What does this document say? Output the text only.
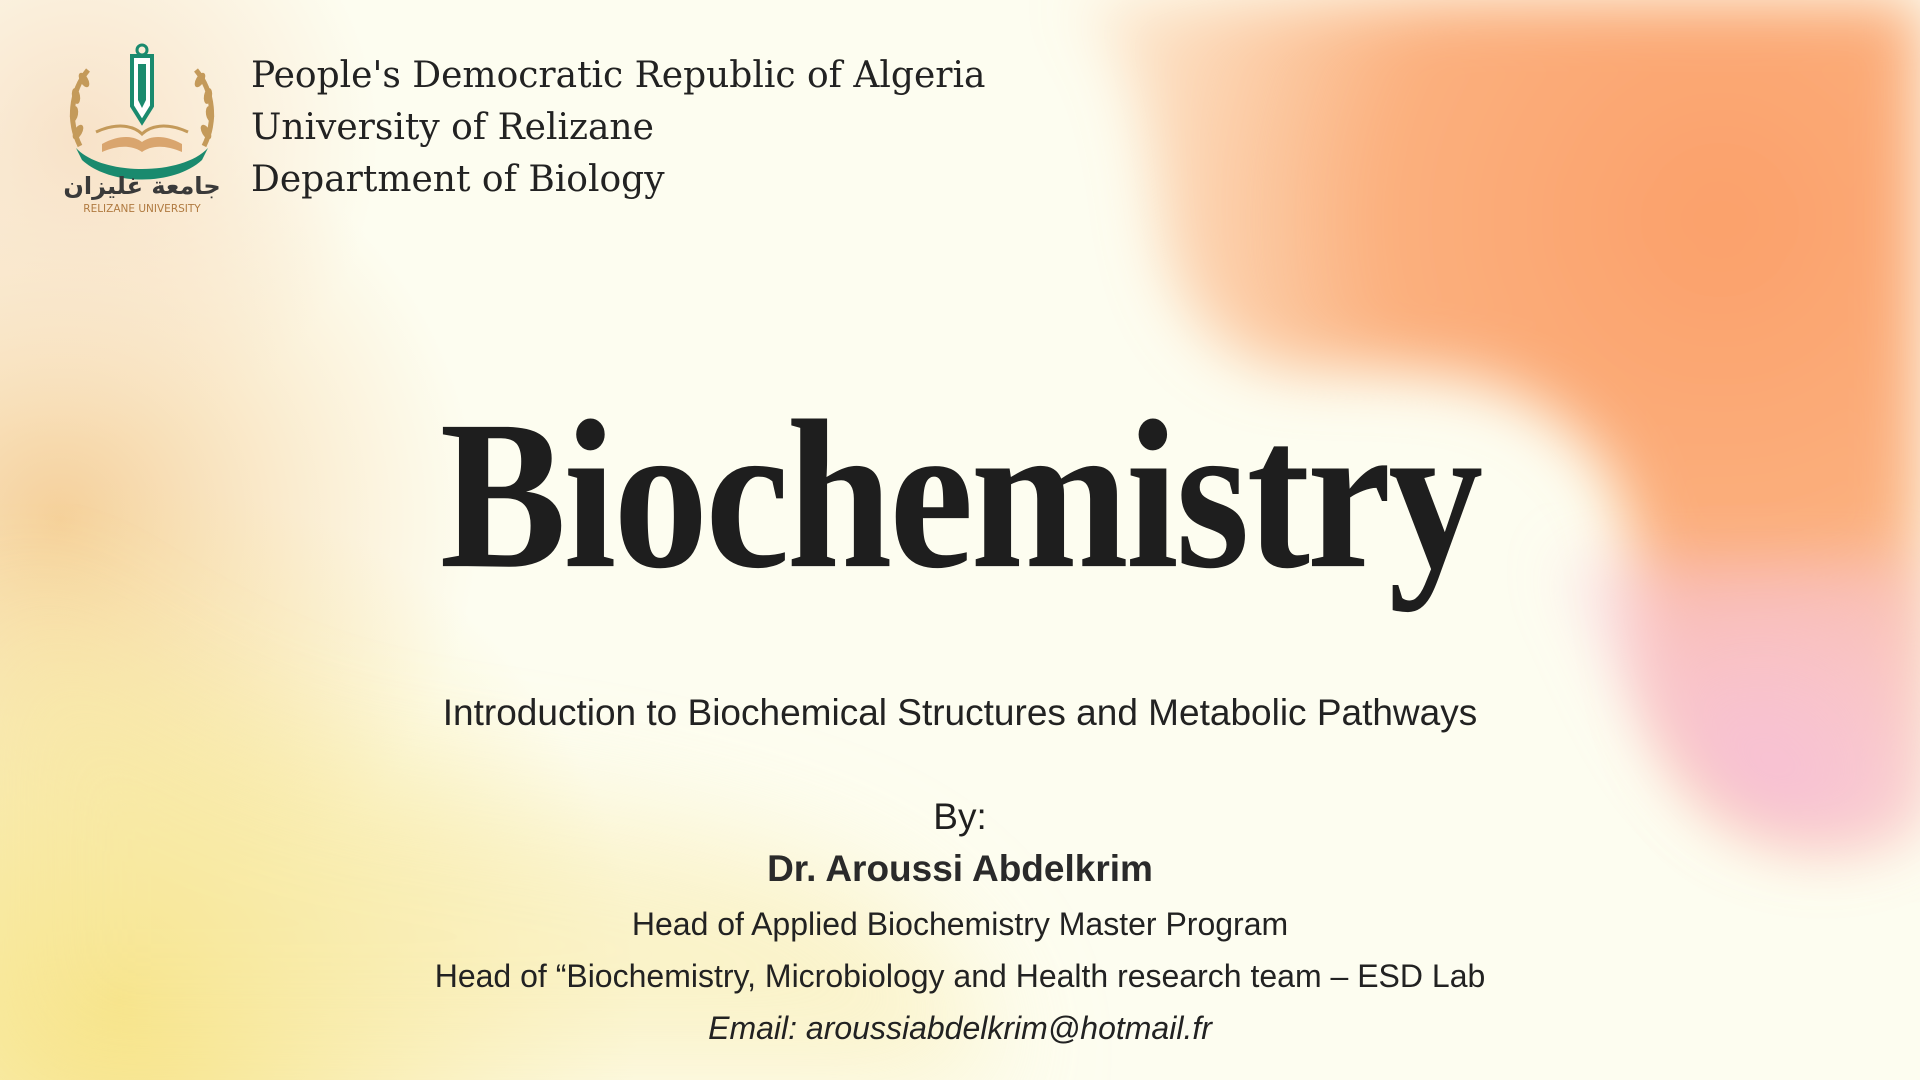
جامعة غليزان
RELIZANE UNIVERSITY
People's Democratic Republic of Algeria
University of Relizane
Department of Biology
Biochemistry
Introduction to Biochemical Structures and Metabolic Pathways
By:
Dr. Aroussi Abdelkrim
Head of Applied Biochemistry Master Program
Head of “Biochemistry, Microbiology and Health research team – ESD Lab
Email: aroussiabdelkrim@hotmail.fr
